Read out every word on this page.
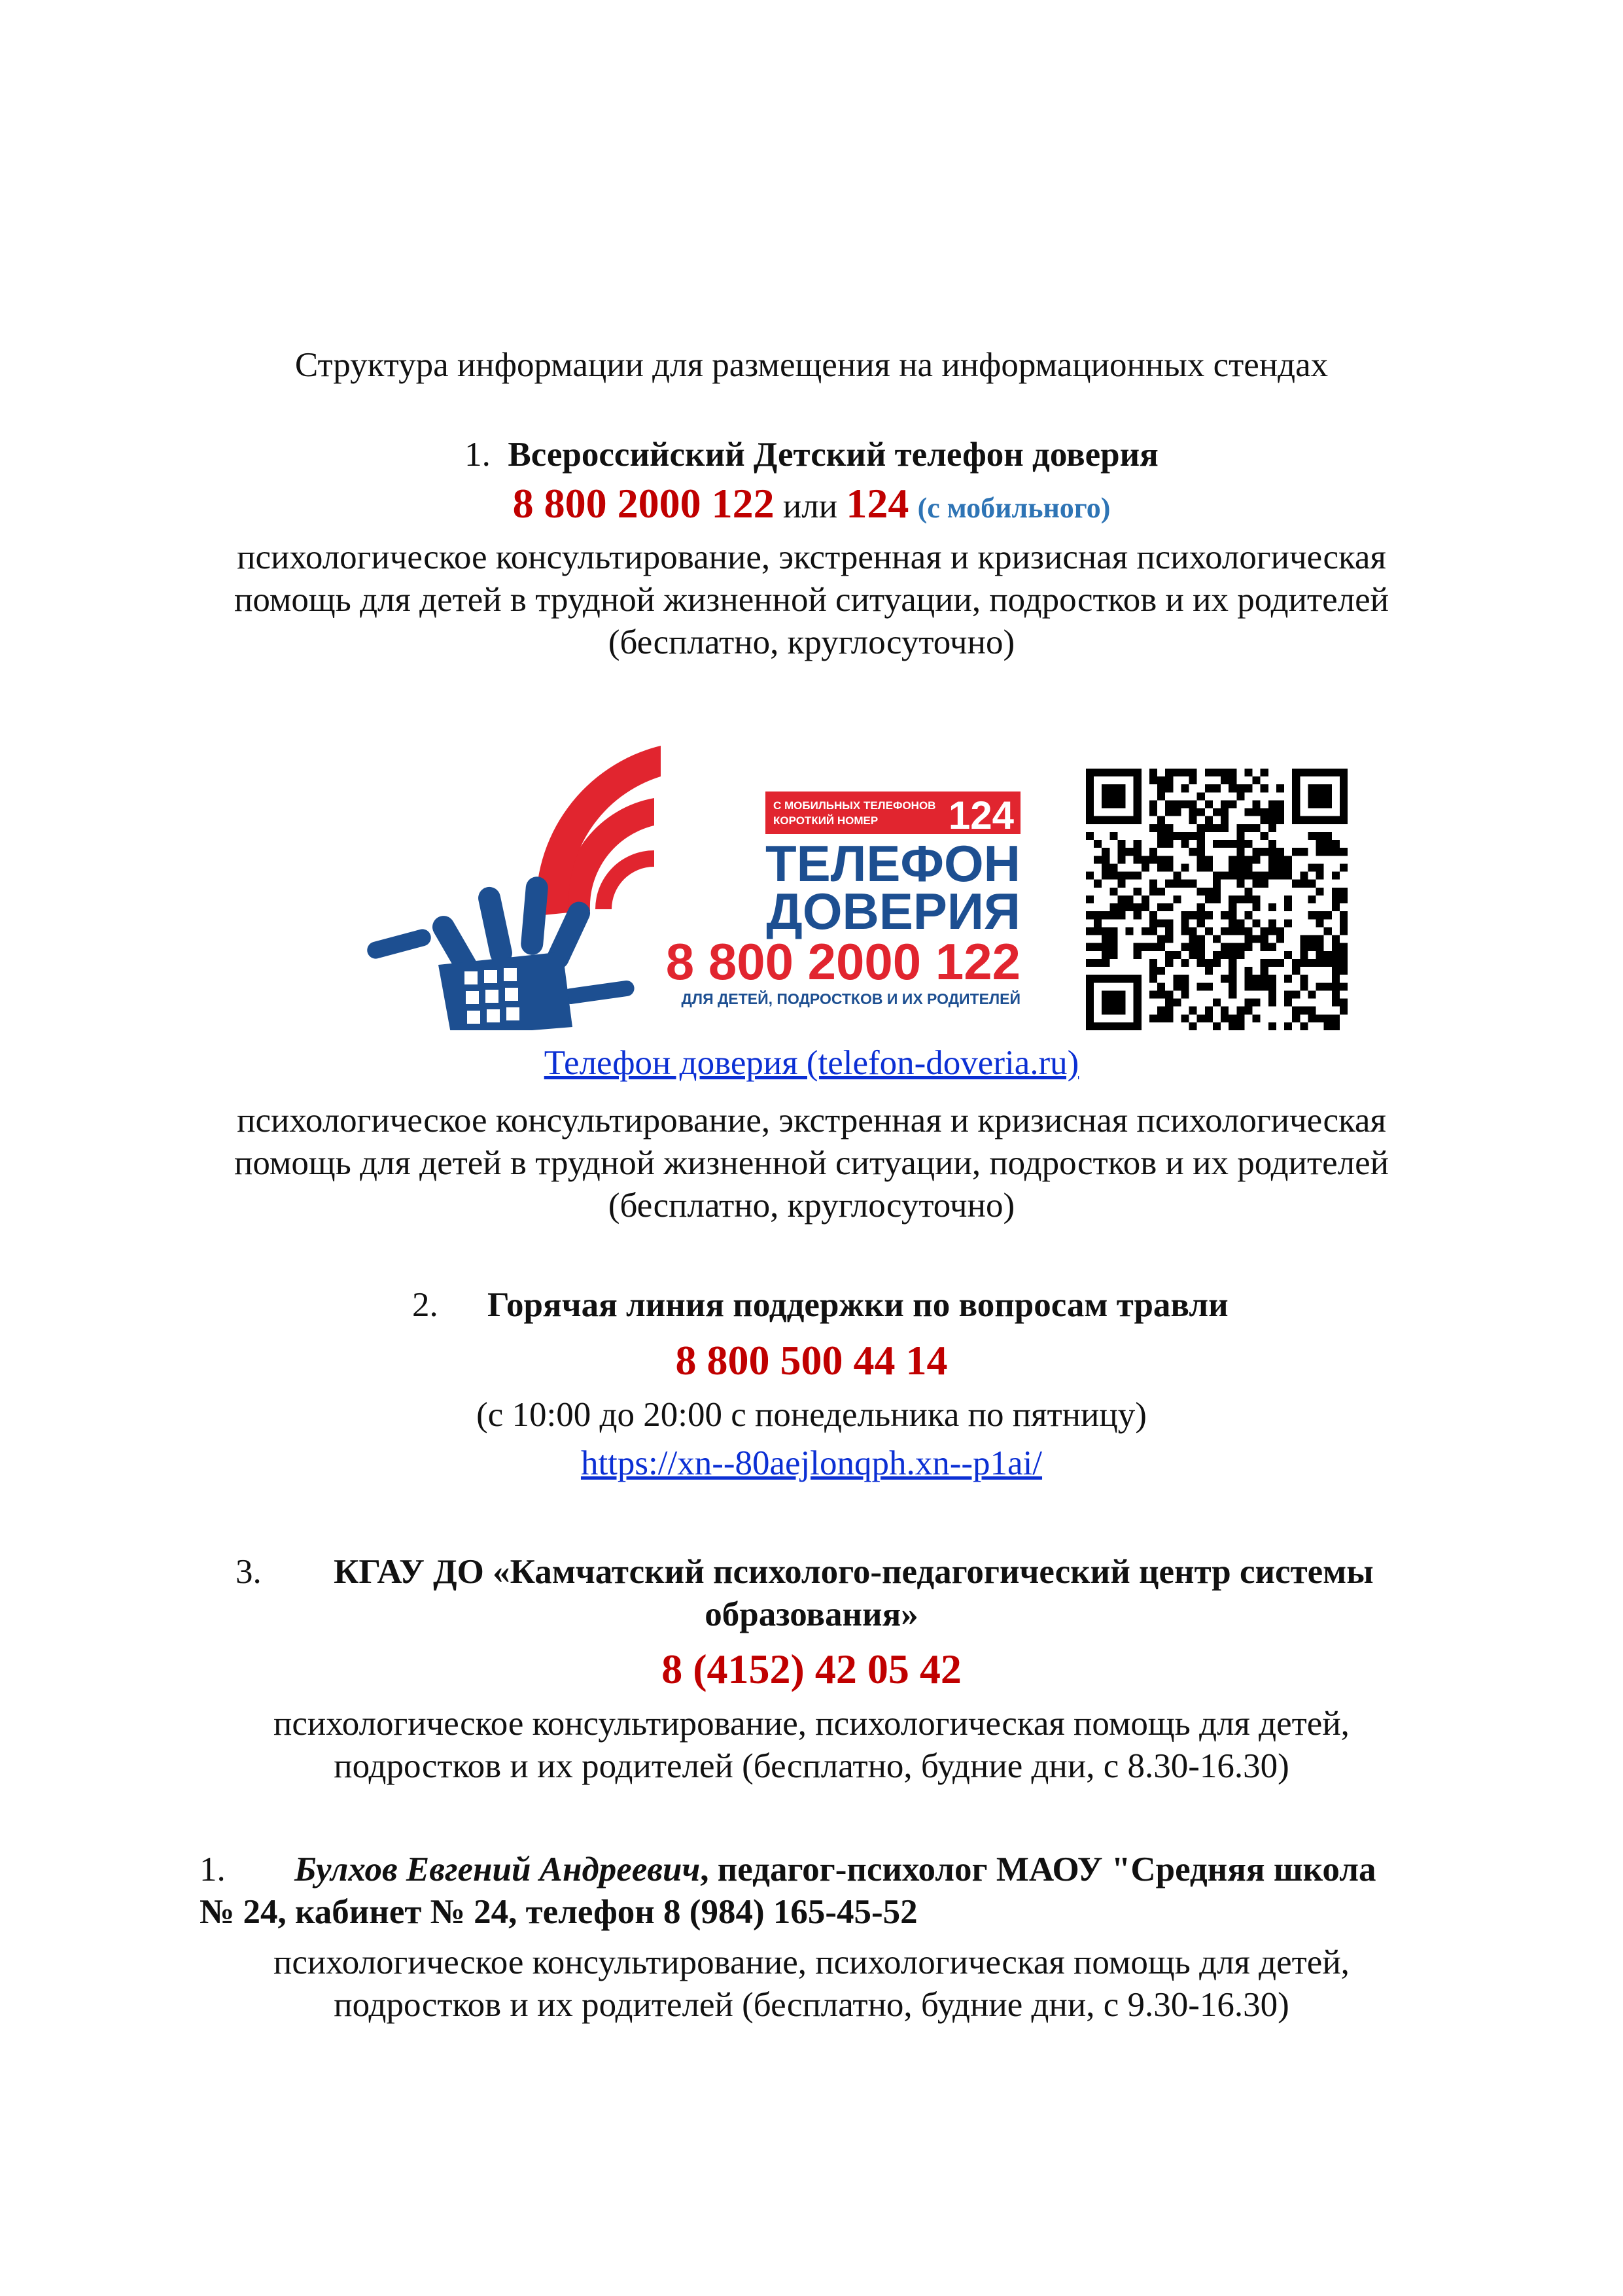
Структура информации для размещения на информационных стендах
1. Всероссийский Детский телефон доверия
8 800 2000 122 или 124 (с мобильного)
психологическое консультирование, экстренная и кризисная психологическая
помощь для детей в трудной жизненной ситуации, подростков и их родителей
(бесплатно, круглосуточно)
С МОБИЛЬНЫХ ТЕЛЕФОНОВ
КОРОТКИЙ НОМЕР 124
ТЕЛЕФОН
ДОВЕРИЯ
8 800 2000 122
ДЛЯ ДЕТЕЙ, ПОДРОСТКОВ И ИХ РОДИТЕЛЕЙ
Телефон доверия (telefon-doveria.ru)
психологическое консультирование, экстренная и кризисная психологическая
помощь для детей в трудной жизненной ситуации, подростков и их родителей
(бесплатно, круглосуточно)
2. Горячая линия поддержки по вопросам травли
8 800 500 44 14
(с 10:00 до 20:00 с понедельника по пятницу)
https://xn--80aejlonqph.xn--p1ai/
3. КГАУ ДО «Камчатский психолого-педагогический центр системы
образования»
8 (4152) 42 05 42
психологическое консультирование, психологическая помощь для детей,
подростков и их родителей (бесплатно, будние дни, с 8.30-16.30)
1. Булхов Евгений Андреевич, педагог-психолог МАОУ "Средняя школа
№ 24, кабинет № 24, телефон 8 (984) 165-45-52
психологическое консультирование, психологическая помощь для детей,
подростков и их родителей (бесплатно, будние дни, с 9.30-16.30)
